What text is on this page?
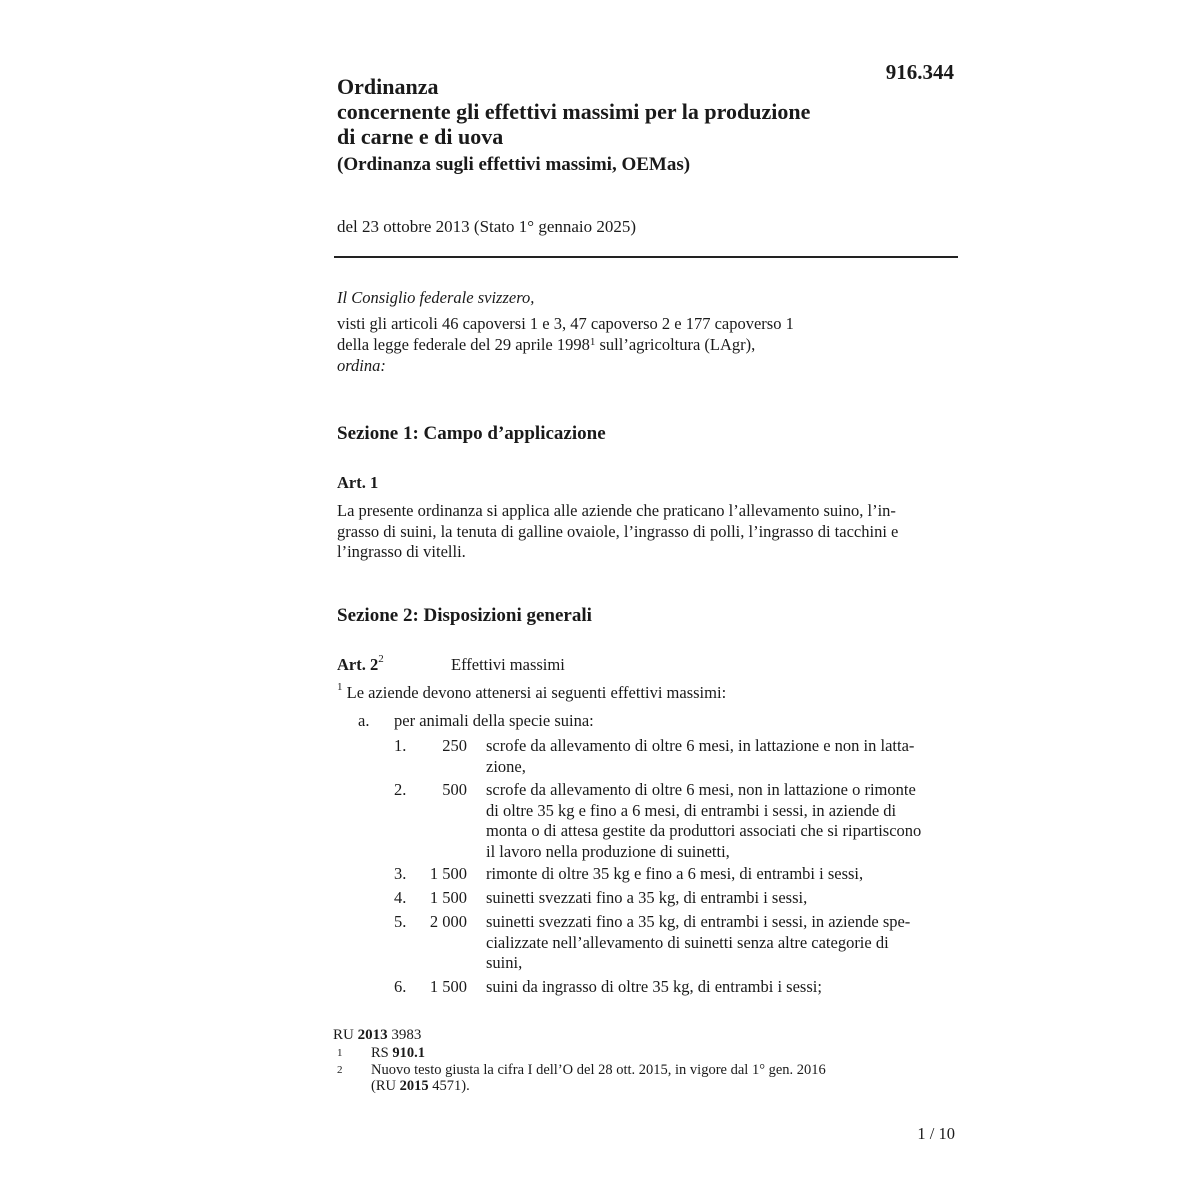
916.344
Ordinanza
concernente gli effettivi massimi per la produzione
di carne e di uova
(Ordinanza sugli effettivi massimi, OEMas)
del 23 ottobre 2013 (Stato 1° gennaio 2025)

Il Consiglio federale svizzero,

visti gli articoli 46 capoversi 1 e 3, 47 capoverso 2 e 177 capoverso 1

della legge federale del 29 aprile 1998$^1$ sull’agricoltura (LAgr),

ordina:

Sezione 1: Campo d’applicazione
Art. 1
La presente ordinanza si applica alle aziende che praticano l’allevamento suino, l’in-
grasso di suini, la tenuta di galline ovaiole, l’ingrasso di polli, l’ingrasso di tacchini e
l’ingrasso di vitelli.
Sezione 2: Disposizioni generali
Art. $2^2$	Effettivi massimi
$^1$ Le aziende devono attenersi ai seguenti effettivi massimi:
a. per animali della specie suina:
1.	250 scrofe da allevamento di oltre 6 mesi, in lattazione e non in latta-
zione,
2.	500 scrofe da allevamento di oltre 6 mesi, non in lattazione o rimonte
di oltre 35 kg e fino a 6 mesi, di entrambi i sessi, in aziende di
monta o di attesa gestite da produttori associati che si ripartiscono
il lavoro nella produzione di suinetti,
3.	1 500 rimonte di oltre 35 kg e fino a 6 mesi, di entrambi i sessi,
4.	1 500 suinetti svezzati fino a 35 kg, di entrambi i sessi,
5.	2 000 suinetti svezzati fino a 35 kg, di entrambi i sessi, in aziende spe-
cializzate nell’allevamento di suinetti senza altre categorie di
suini,
6.	1 500 suini da ingrasso di oltre 35 kg, di entrambi i sessi;
RU 2013 3983
1	RS 910.1
2	Nuovo testo giusta la cifra I dell’O del 28 ott. 2015, in vigore dal 1° gen. 2016
(RU 2015 4571).
1 / 10
